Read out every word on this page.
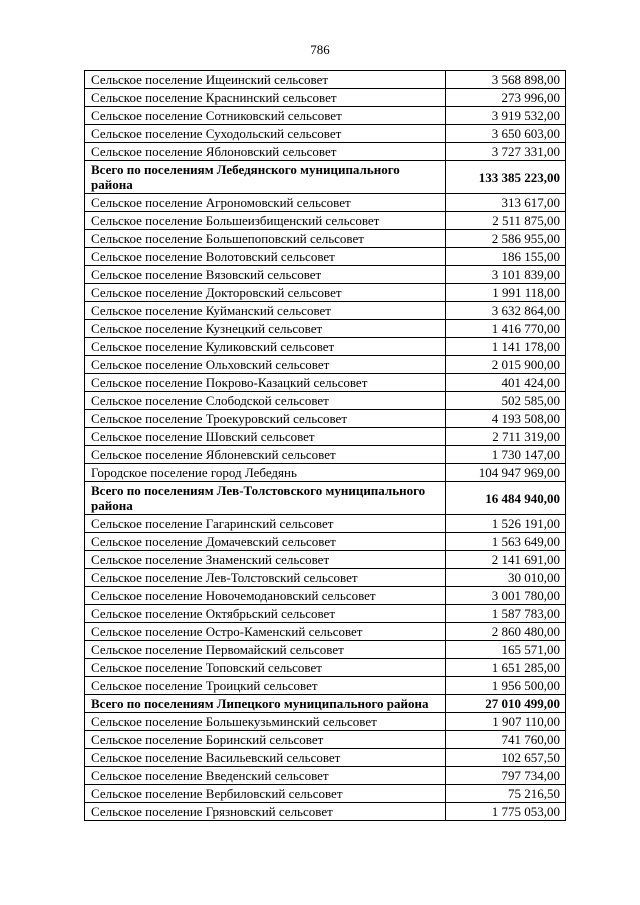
786
Сельское поселение Ищеинский сельсовет	3 568 898,00
Сельское поселение Краснинский сельсовет	273 996,00
Сельское поселение Сотниковский сельсовет	3 919 532,00
Сельское поселение Суходольский сельсовет	3 650 603,00
Сельское поселение Яблоновский сельсовет	3 727 331,00
Всего по поселениям Лебедянского муниципального района	133 385 223,00
Сельское поселение Агрономовский сельсовет	313 617,00
Сельское поселение Большеизбищенский сельсовет	2 511 875,00
Сельское поселение Большепоповский сельсовет	2 586 955,00
Сельское поселение Волотовский сельсовет	186 155,00
Сельское поселение Вязовский сельсовет	3 101 839,00
Сельское поселение Докторовский сельсовет	1 991 118,00
Сельское поселение Куйманский сельсовет	3 632 864,00
Сельское поселение Кузнецкий сельсовет	1 416 770,00
Сельское поселение Куликовский сельсовет	1 141 178,00
Сельское поселение Ольховский сельсовет	2 015 900,00
Сельское поселение Покрово-Казацкий сельсовет	401 424,00
Сельское поселение Слободской сельсовет	502 585,00
Сельское поселение Троекуровский сельсовет	4 193 508,00
Сельское поселение Шовский сельсовет	2 711 319,00
Сельское поселение Яблоневский сельсовет	1 730 147,00
Городское поселение город Лебедянь	104 947 969,00
Всего по поселениям Лев-Толстовского муниципального района	16 484 940,00
Сельское поселение Гагаринский сельсовет	1 526 191,00
Сельское поселение Домачевский сельсовет	1 563 649,00
Сельское поселение Знаменский сельсовет	2 141 691,00
Сельское поселение Лев-Толстовский сельсовет	30 010,00
Сельское поселение Новочемодановский сельсовет	3 001 780,00
Сельское поселение Октябрьский сельсовет	1 587 783,00
Сельское поселение Остро-Каменский сельсовет	2 860 480,00
Сельское поселение Первомайский сельсовет	165 571,00
Сельское поселение Топовский сельсовет	1 651 285,00
Сельское поселение Троицкий сельсовет	1 956 500,00
Всего по поселениям Липецкого муниципального района	27 010 499,00
Сельское поселение Большекузьминский сельсовет	1 907 110,00
Сельское поселение Боринский сельсовет	741 760,00
Сельское поселение Васильевский сельсовет	102 657,50
Сельское поселение Введенский сельсовет	797 734,00
Сельское поселение Вербиловский сельсовет	75 216,50
Сельское поселение Грязновский сельсовет	1 775 053,00
